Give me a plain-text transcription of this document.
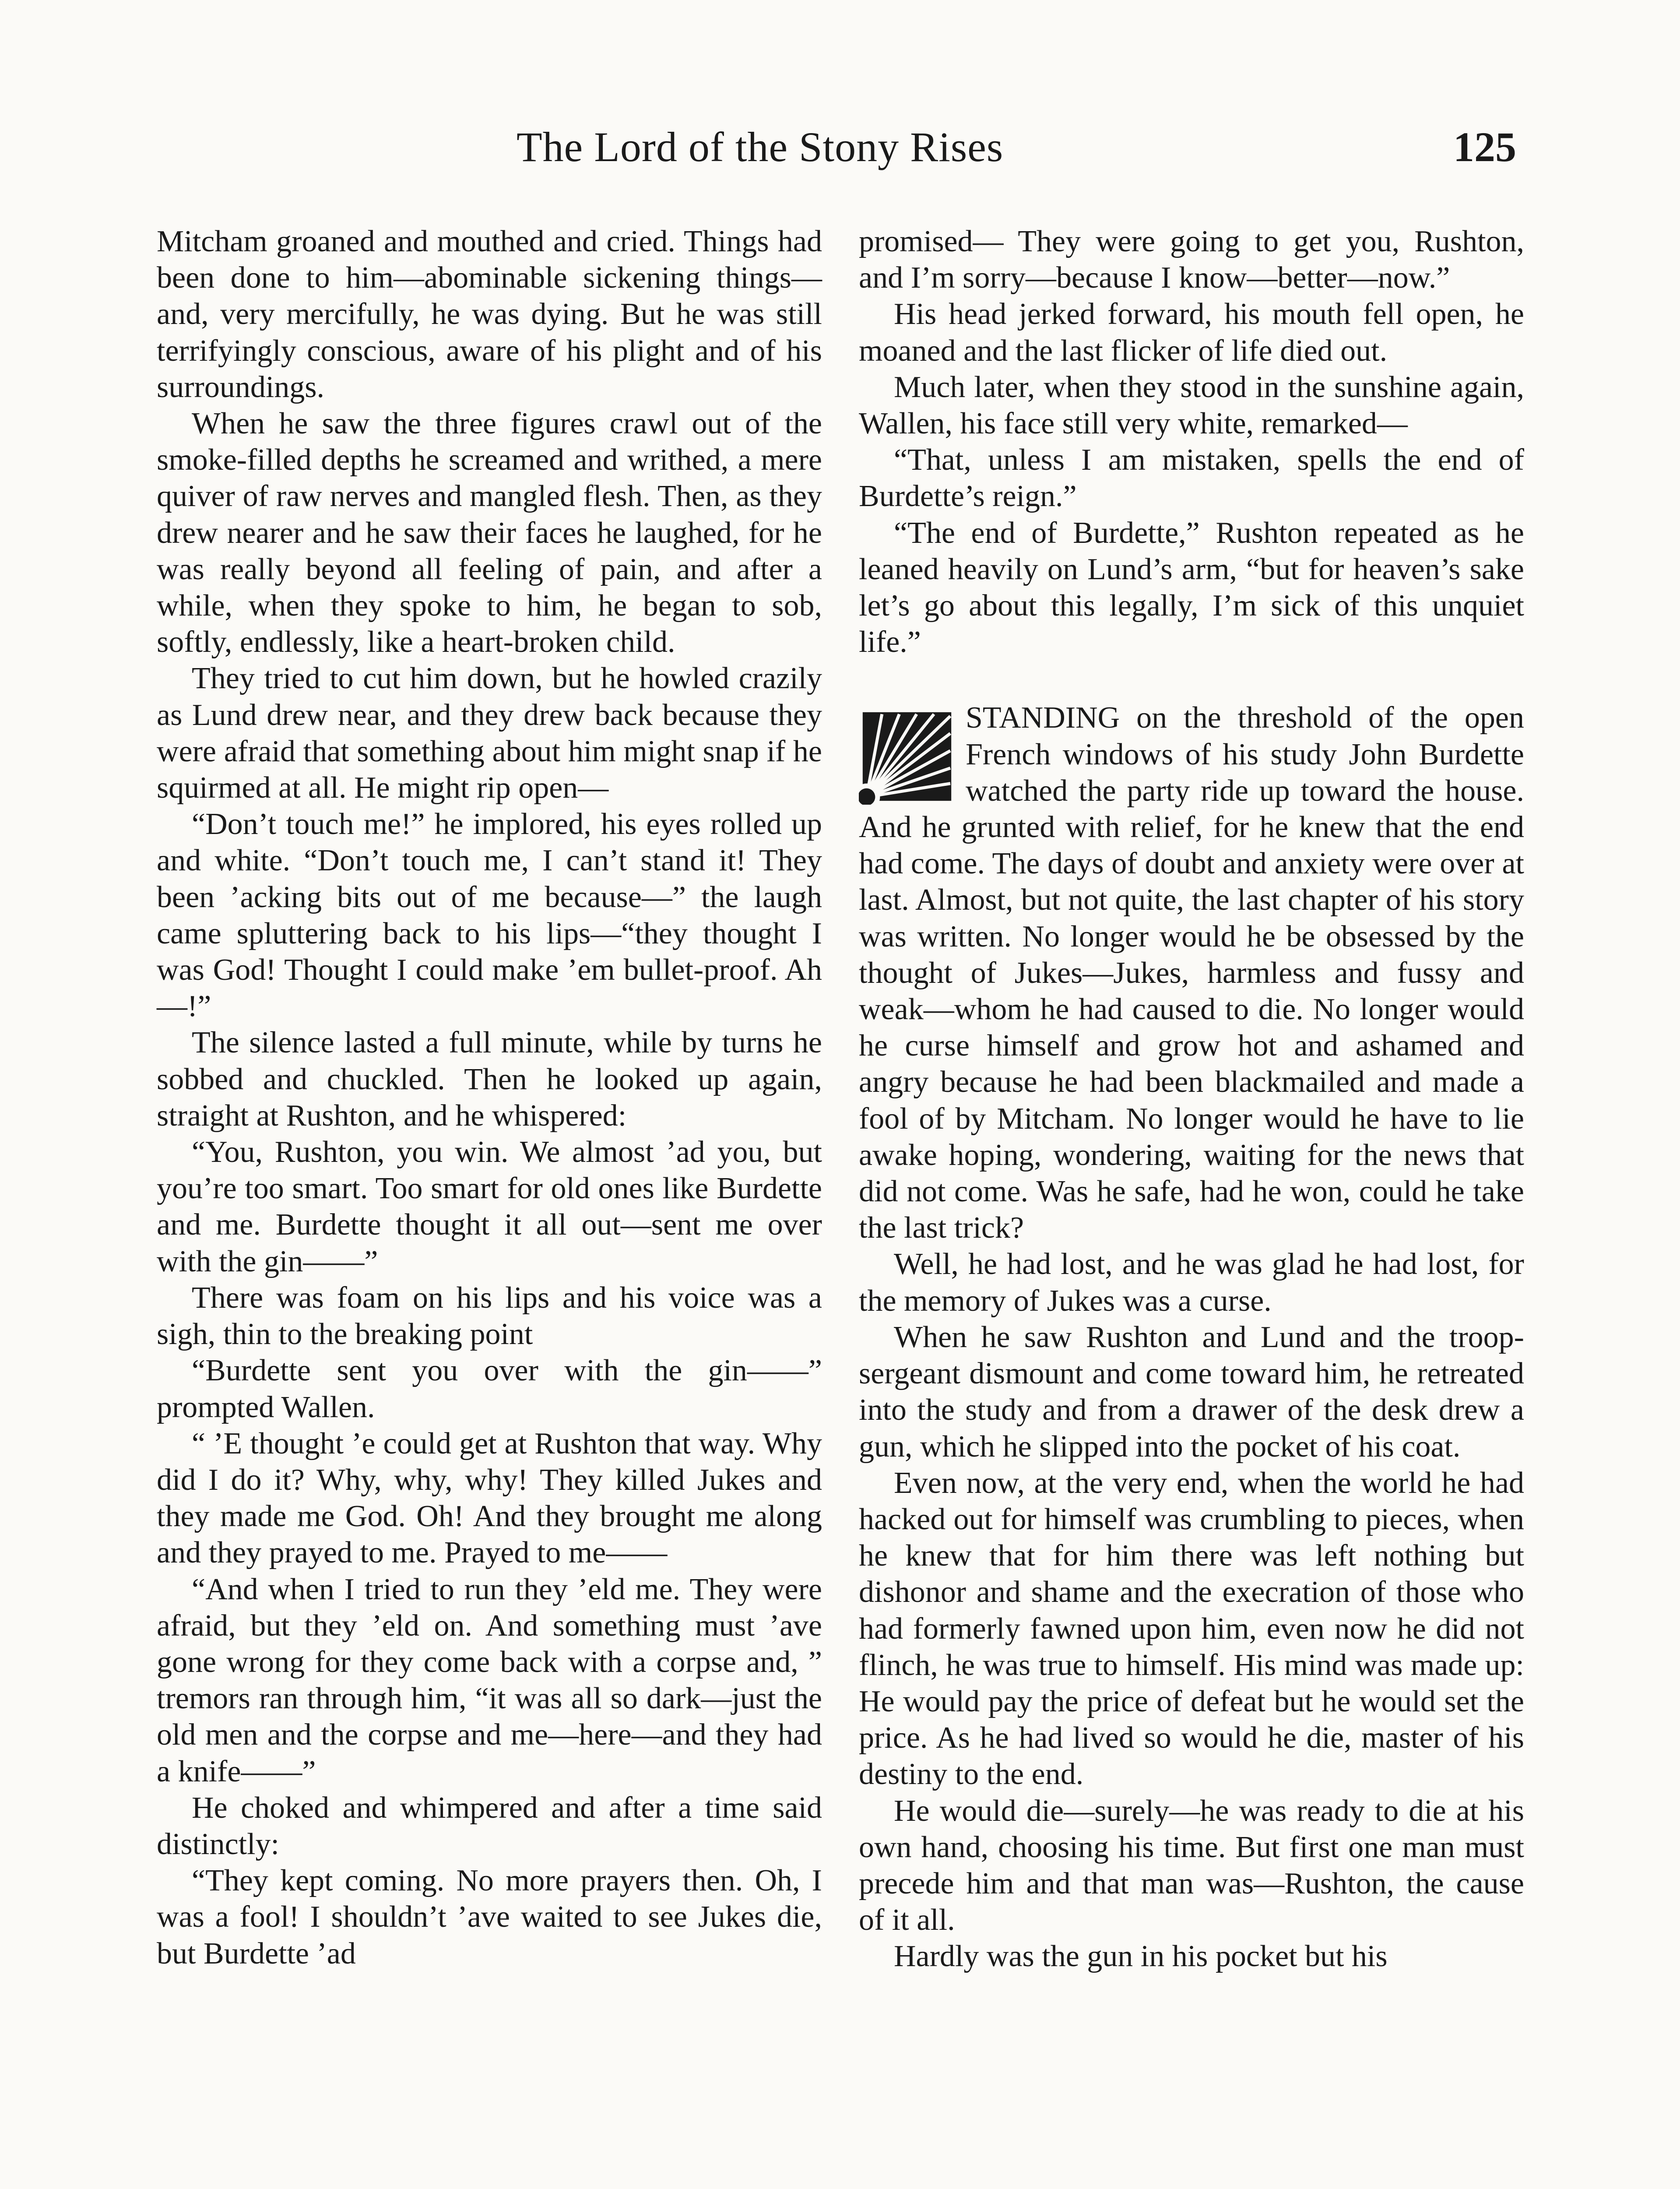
The Lord of the Stony Rises	125

Mitcham groaned and mouthed and cried. Things had been done to him—abominable sickening things—and, very mercifully, he was dying. But he was still terrifyingly conscious, aware of his plight and of his surroundings.

When he saw the three figures crawl out of the smoke-filled depths he screamed and writhed, a mere quiver of raw nerves and mangled flesh. Then, as they drew nearer and he saw their faces he laughed, for he was really beyond all feeling of pain, and after a while, when they spoke to him, he began to sob, softly, endlessly, like a heart-broken child.

They tried to cut him down, but he howled crazily as Lund drew near, and they drew back because they were afraid that something about him might snap if he squirmed at all. He might rip open—

“Don’t touch me!” he implored, his eyes rolled up and white. “Don’t touch me, I can’t stand it! They been ’acking bits out of me because—” the laugh came spluttering back to his lips—“they thought I was God! Thought I could make ’em bullet-proof. Ah—!”

The silence lasted a full minute, while by turns he sobbed and chuckled. Then he looked up again, straight at Rushton, and he whispered:

“You, Rushton, you win. We almost ’ad you, but you’re too smart. Too smart for old ones like Burdette and me. Burdette thought it all out—sent me over with the gin——”

There was foam on his lips and his voice was a sigh, thin to the breaking point

“Burdette sent you over with the gin——” prompted Wallen.

“ ’E thought ’e could get at Rushton that way. Why did I do it? Why, why, why! They killed Jukes and they made me God. Oh! And they brought me along and they prayed to me. Prayed to me——

“And when I tried to run they ’eld me. They were afraid, but they ’eld on. And something must ’ave gone wrong for they come back with a corpse and, ” tremors ran through him, “it was all so dark—just the old men and the corpse and me—here—and they had a knife——”

He choked and whimpered and after a time said distinctly:

“They kept coming. No more prayers then. Oh, I was a fool! I shouldn’t ’ave waited to see Jukes die, but Burdette ’ad

promised— They were going to get you, Rushton, and I’m sorry—because I know—better—now.”

His head jerked forward, his mouth fell open, he moaned and the last flicker of life died out.

Much later, when they stood in the sunshine again, Wallen, his face still very white, remarked—

“That, unless I am mistaken, spells the end of Burdette’s reign.”

“The end of Burdette,” Rushton repeated as he leaned heavily on Lund’s arm, “but for heaven’s sake let’s go about this legally, I’m sick of this unquiet life.”

STANDING on the threshold of the open French windows of his study John Burdette watched the party ride up toward the house. And he grunted with relief, for he knew that the end had come. The days of doubt and anxiety were over at last. Almost, but not quite, the last chapter of his story was written. No longer would he be obsessed by the thought of Jukes—Jukes, harmless and fussy and weak—whom he had caused to die. No longer would he curse himself and grow hot and ashamed and angry because he had been blackmailed and made a fool of by Mitcham. No longer would he have to lie awake hoping, wondering, waiting for the news that did not come. Was he safe, had he won, could he take the last trick?

Well, he had lost, and he was glad he had lost, for the memory of Jukes was a curse.

When he saw Rushton and Lund and the troop-sergeant dismount and come toward him, he retreated into the study and from a drawer of the desk drew a gun, which he slipped into the pocket of his coat.

Even now, at the very end, when the world he had hacked out for himself was crumbling to pieces, when he knew that for him there was left nothing but dishonor and shame and the execration of those who had formerly fawned upon him, even now he did not flinch, he was true to himself. His mind was made up: He would pay the price of defeat but he would set the price. As he had lived so would he die, master of his destiny to the end.

He would die—surely—he was ready to die at his own hand, choosing his time. But first one man must precede him and that man was—Rushton, the cause of it all.

Hardly was the gun in his pocket but his
